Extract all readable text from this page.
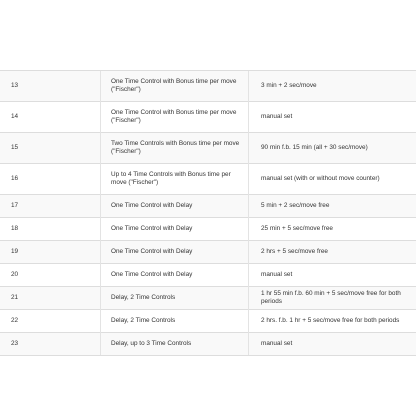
13	One Time Control with Bonus time per move ("Fischer")	3 min + 2 sec/move
14	One Time Control with Bonus time per move ("Fischer")	manual set
15	Two Time Controls with Bonus time per move ("Fischer")	90 min f.b. 15 min (all + 30 sec/move)
16	Up to 4 Time Controls with Bonus time per move ("Fischer")	manual set (with or without move counter)
17	One Time Control with Delay	5 min + 2 sec/move free
18	One Time Control with Delay	25 min + 5 sec/move free
19	One Time Control with Delay	2 hrs + 5 sec/move free
20	One Time Control with Delay	manual set
21	Delay, 2 Time Controls	1 hr 55 min f.b. 60 min + 5 sec/move free for both periods
22	Delay, 2 Time Controls	2 hrs. f.b. 1 hr + 5 sec/move free for both periods
23	Delay, up to 3 Time Controls	manual set
